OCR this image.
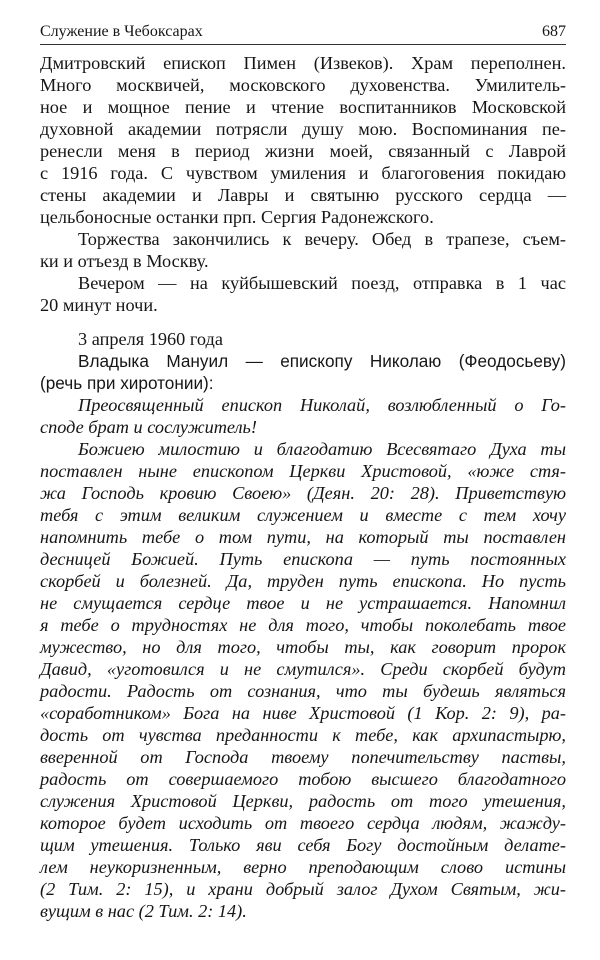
Служение в Чебоксарах	687

Дмитровский епископ Пимен (Извеков). Храм переполнен.
Много москвичей, московского духовенства. Умилитель-
ное и мощное пение и чтение воспитанников Московской
духовной академии потрясли душу мою. Воспоминания пе-
ренесли меня в период жизни моей, связанный с Лаврой
с 1916 года. С чувством умиления и благоговения покидаю
стены академии и Лавры и святыню русского сердца —
цельбоносные останки прп. Сергия Радонежского.

Торжества закончились к вечеру. Обед в трапезе, съем-
ки и отъезд в Москву.

Вечером — на куйбышевский поезд, отправка в 1 час
20 минут ночи.

3 апреля 1960 года

Владыка Мануил — епископу Николаю (Феодосьеву)
(речь при хиротонии):

Преосвященный епископ Николай, возлюбленный о Го-
споде брат и сослужитель!

Божиею милостию и благодатию Всесвятаго Духа ты
поставлен ныне епископом Церкви Христовой, «юже стя-
жа Господь кровию Своею» (Деян. 20: 28). Приветствую
тебя с этим великим служением и вместе с тем хочу
напомнить тебе о том пути, на который ты поставлен
десницей Божией. Путь епископа — путь постоянных
скорбей и болезней. Да, труден путь епископа. Но пусть
не смущается сердце твое и не устрашается. Напомнил
я тебе о трудностях не для того, чтобы поколебать твое
мужество, но для того, чтобы ты, как говорит пророк
Давид, «уготовился и не смутился». Среди скорбей будут
радости. Радость от сознания, что ты будешь являться
«соработником» Бога на ниве Христовой (1 Кор. 2: 9), ра-
дость от чувства преданности к тебе, как архипастырю,
вверенной от Господа твоему попечительству паствы,
радость от совершаемого тобою высшего благодатного
служения Христовой Церкви, радость от того утешения,
которое будет исходить от твоего сердца людям, жажду-
щим утешения. Только яви себя Богу достойным делате-
лем неукоризненным, верно преподающим слово истины
(2 Тим. 2: 15), и храни добрый залог Духом Святым, жи-
вущим в нас (2 Тим. 2: 14).
